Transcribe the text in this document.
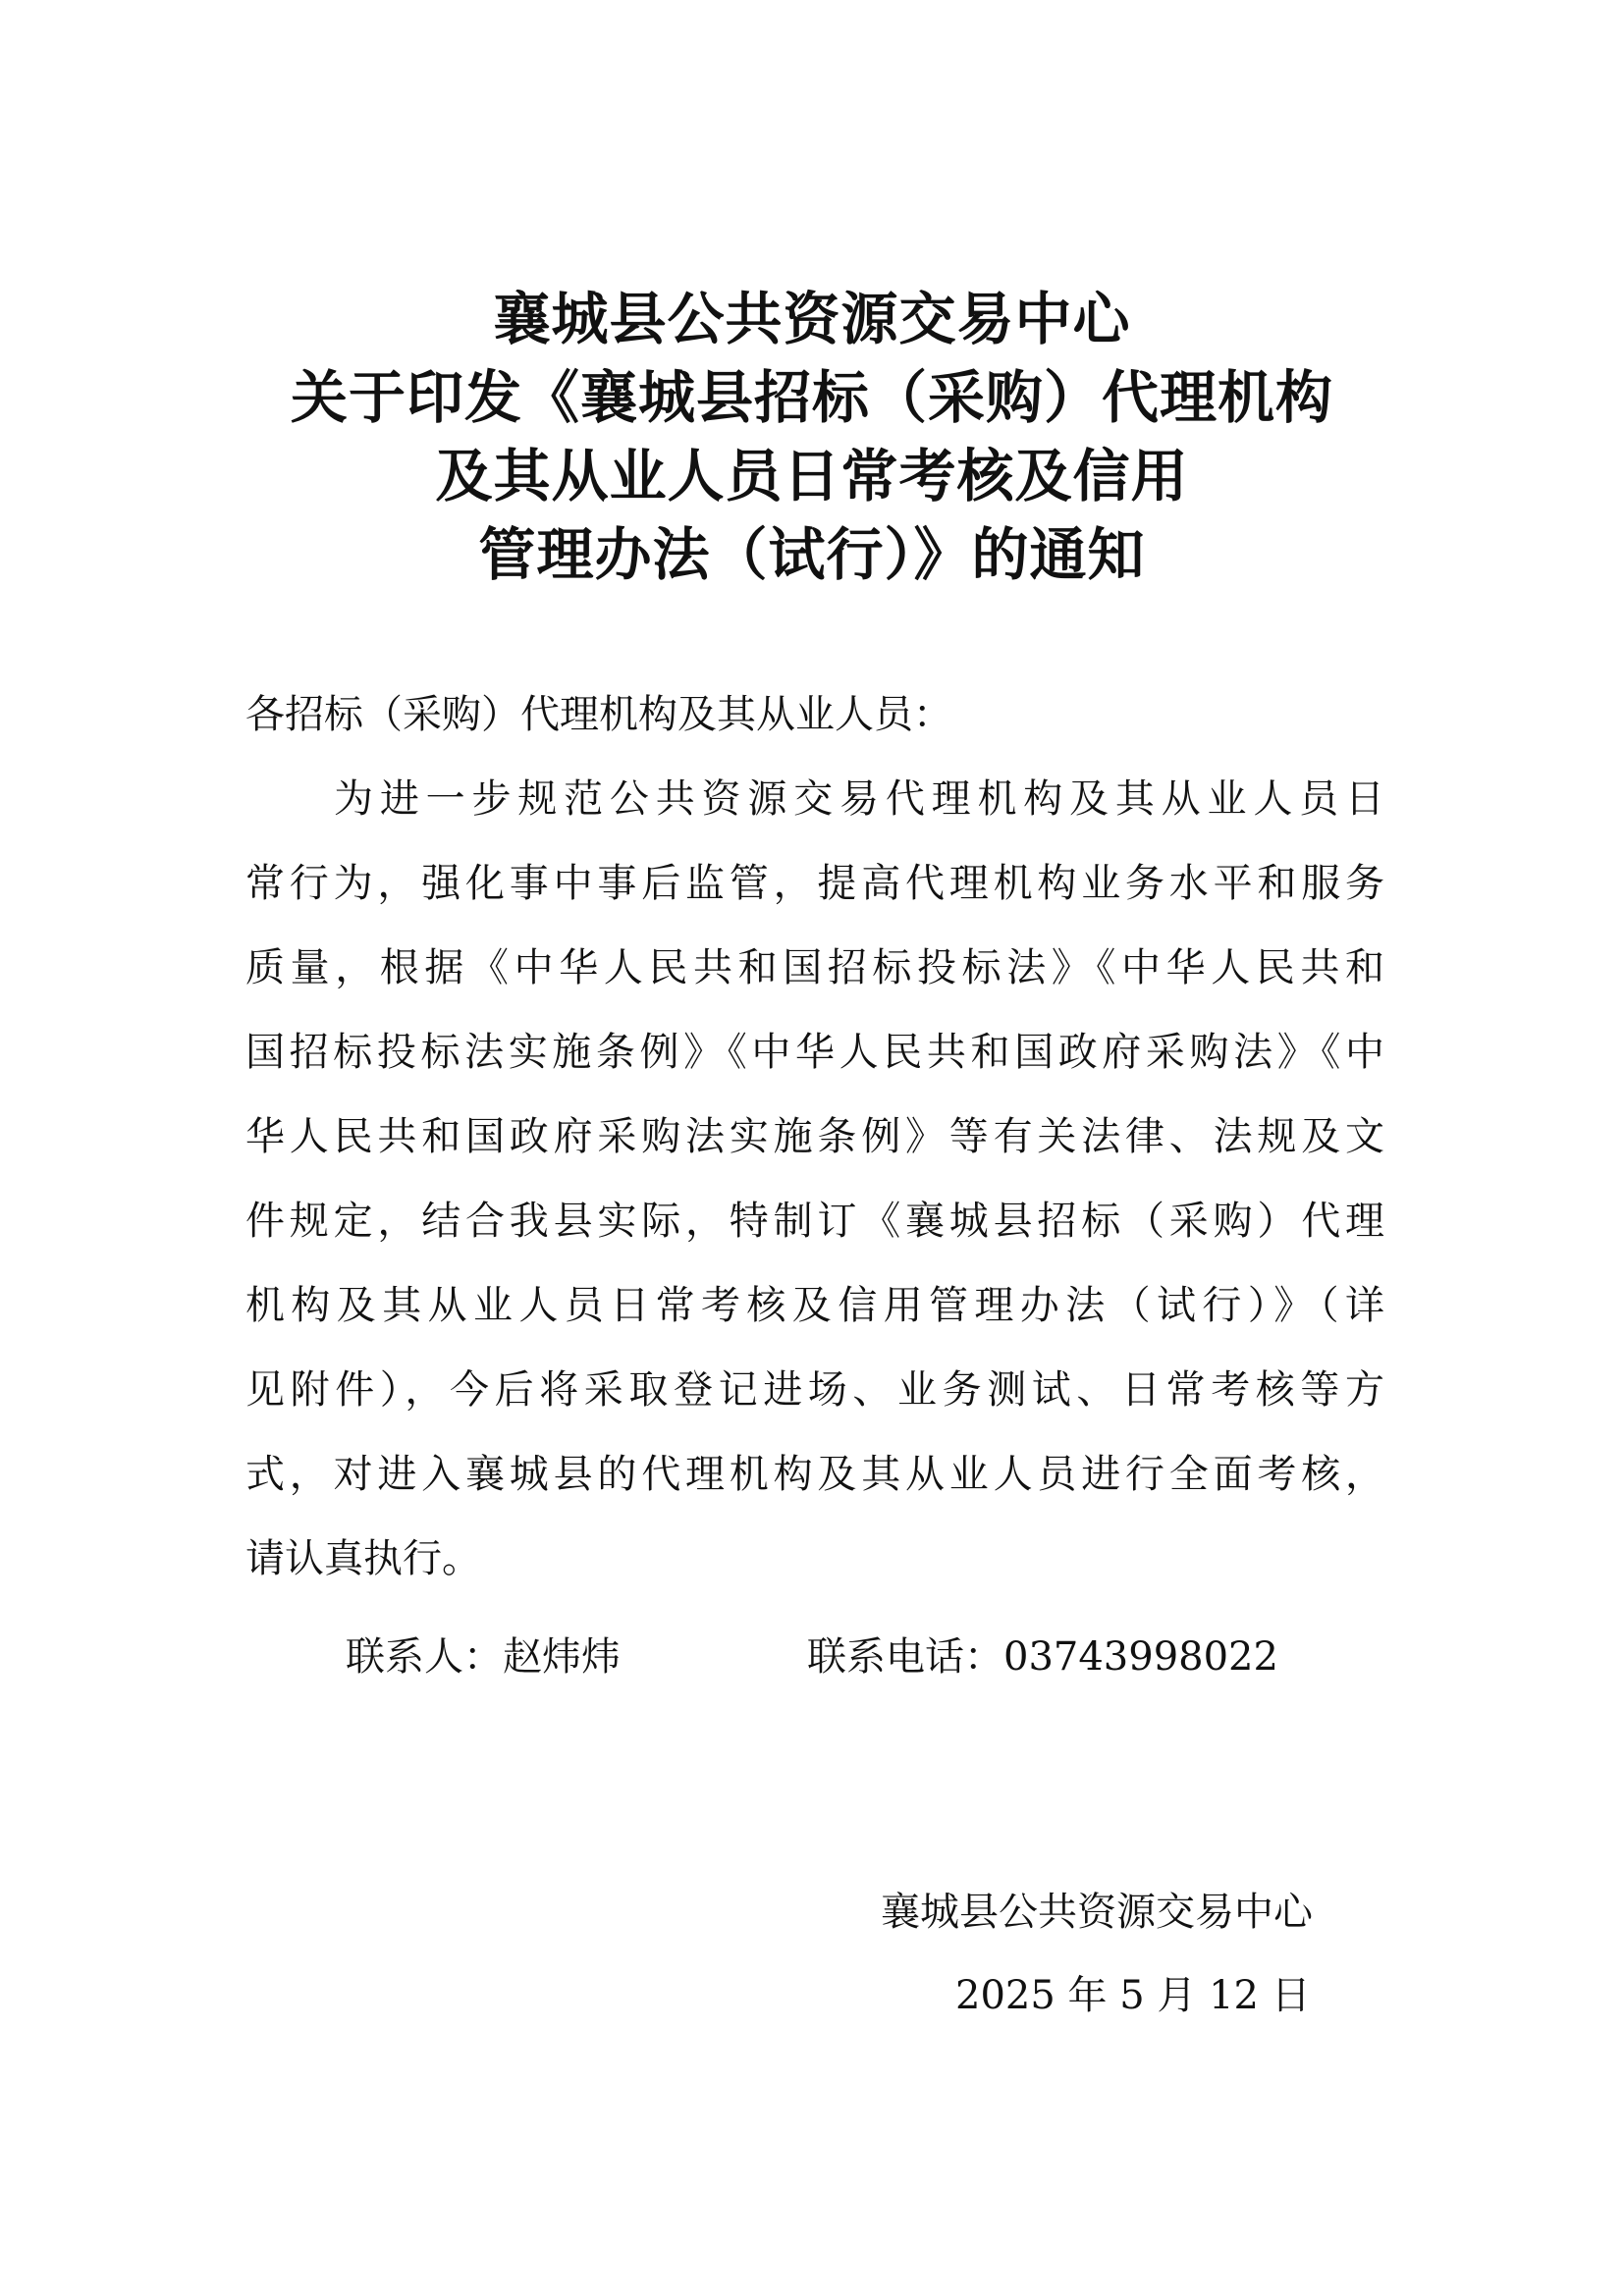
襄城县公共资源交易中心
关于印发《襄城县招标（采购）代理机构
及其从业人员日常考核及信用
管理办法（试行）》的通知

各招标（采购）代理机构及其从业人员：

为进一步规范公共资源交易代理机构及其从业人员日

常行为，强化事中事后监管，提高代理机构业务水平和服务

质量，根据《中华人民共和国招标投标法》《中华人民共和

国招标投标法实施条例》《中华人民共和国政府采购法》《中

华人民共和国政府采购法实施条例》等有关法律、法规及文

件规定，结合我县实际，特制订《襄城县招标（采购）代理

机构及其从业人员日常考核及信用管理办法（试行）》（详

见附件），今后将采取登记进场、业务测试、日常考核等方

式，对进入襄城县的代理机构及其从业人员进行全面考核，

请认真执行。

联系人：赵炜炜	联系电话：03743998022

襄城县公共资源交易中心

2025 年 5 月 12 日
